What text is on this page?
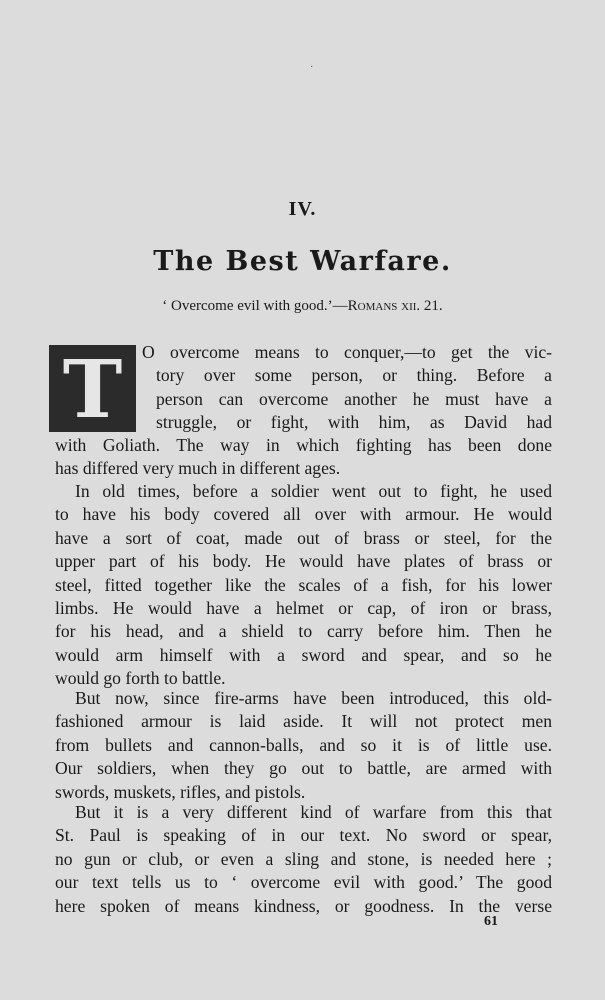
·
IV.
The Best Warfare.
‘ Overcome evil with good.’—Romans xii. 21.
T O overcome means to conquer,—to get the vic-
tory over some person, or thing. Before a
person can overcome another he must have a
struggle, or fight, with him, as David had
with Goliath. The way in which fighting has been done
has differed very much in different ages.
In old times, before a soldier went out to fight, he used
to have his body covered all over with armour. He would
have a sort of coat, made out of brass or steel, for the
upper part of his body. He would have plates of brass or
steel, fitted together like the scales of a fish, for his lower
limbs. He would have a helmet or cap, of iron or brass,
for his head, and a shield to carry before him. Then he
would arm himself with a sword and spear, and so he
would go forth to battle.
But now, since fire-arms have been introduced, this old-
fashioned armour is laid aside. It will not protect men
from bullets and cannon-balls, and so it is of little use.
Our soldiers, when they go out to battle, are armed with
swords, muskets, rifles, and pistols.
But it is a very different kind of warfare from this that
St. Paul is speaking of in our text. No sword or spear,
no gun or club, or even a sling and stone, is needed here ;
our text tells us to ‘ overcome evil with good.’ The good
here spoken of means kindness, or goodness. In the verse
61
